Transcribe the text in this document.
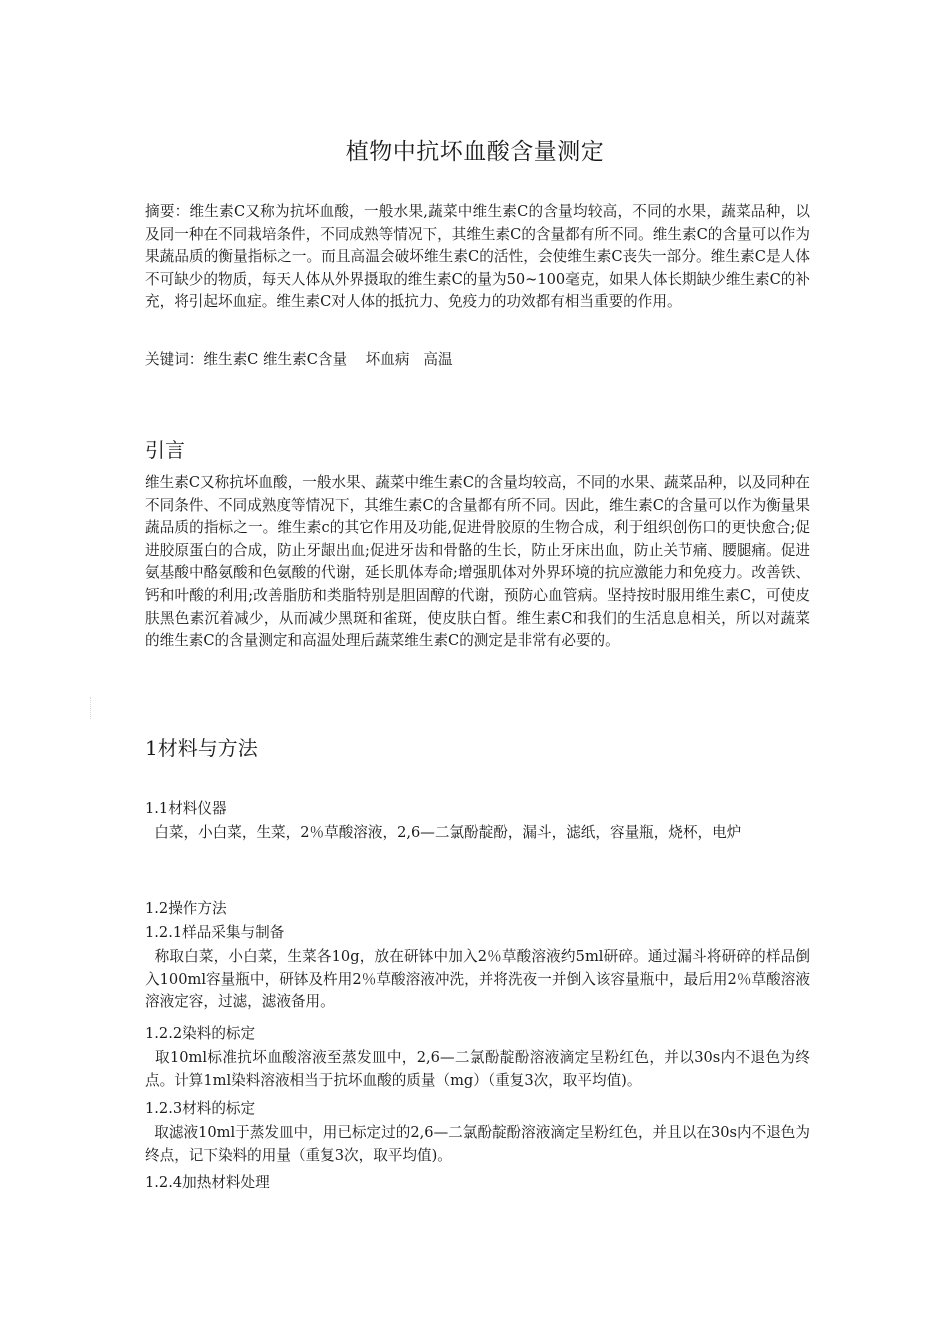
植物中抗坏血酸含量测定
摘要：维生素C又称为抗坏血酸，一般水果,蔬菜中维生素C的含量均较高，不同的水果，蔬菜品种，以及同一种在不同栽培条件，不同成熟等情况下，其维生素C的含量都有所不同。维生素C的含量可以作为果蔬品质的衡量指标之一。而且高温会破坏维生素C的活性，会使维生素C丧失一部分。维生素C是人体不可缺少的物质，每天人体从外界摄取的维生素C的量为50~100毫克，如果人体长期缺少维生素C的补充，将引起坏血症。维生素C对人体的抵抗力、免疫力的功效都有相当重要的作用。
关键词：维生素C 维生素C含量    坏血病   高温
引言
维生素C又称抗坏血酸，一般水果、蔬菜中维生素C的含量均较高，不同的水果、蔬菜品种，以及同种在不同条件、不同成熟度等情况下，其维生素C的含量都有所不同。因此，维生素C的含量可以作为衡量果蔬品质的指标之一。维生素c的其它作用及功能,促进骨胶原的生物合成，利于组织创伤口的更快愈合;促进胶原蛋白的合成，防止牙龈出血;促进牙齿和骨骼的生长，防止牙床出血，防止关节痛、腰腿痛。促进氨基酸中酪氨酸和色氨酸的代谢，延长肌体寿命;增强肌体对外界环境的抗应激能力和免疫力。改善铁、钙和叶酸的利用;改善脂肪和类脂特别是胆固醇的代谢，预防心血管病。坚持按时服用维生素C，可使皮肤黑色素沉着减少，从而减少黑斑和雀斑，使皮肤白皙。维生素C和我们的生活息息相关，所以对蔬菜的维生素C的含量测定和高温处理后蔬菜维生素C的测定是非常有必要的。
1材料与方法
1.1材料仪器
白菜，小白菜，生菜，2％草酸溶液，2,6—二氯酚靛酚，漏斗，滤纸，容量瓶，烧杯，电炉
1.2操作方法
1.2.1样品采集与制备
称取白菜，小白菜，生菜各10g，放在研钵中加入2％草酸溶液约5ml研碎。通过漏斗将研碎的样品倒入100ml容量瓶中，研钵及杵用2％草酸溶液冲洗，并将洗夜一并倒入该容量瓶中，最后用2％草酸溶液溶液定容，过滤，滤液备用。
1.2.2染料的标定
取10ml标准抗坏血酸溶液至蒸发皿中，2,6—二氯酚靛酚溶液滴定呈粉红色，并以30s内不退色为终点。计算1ml染料溶液相当于抗坏血酸的质量（mg）（重复3次，取平均值)。
1.2.3材料的标定
取滤液10ml于蒸发皿中，用已标定过的2,6—二氯酚靛酚溶液滴定呈粉红色，并且以在30s内不退色为终点，记下染料的用量（重复3次，取平均值)。
1.2.4加热材料处理
